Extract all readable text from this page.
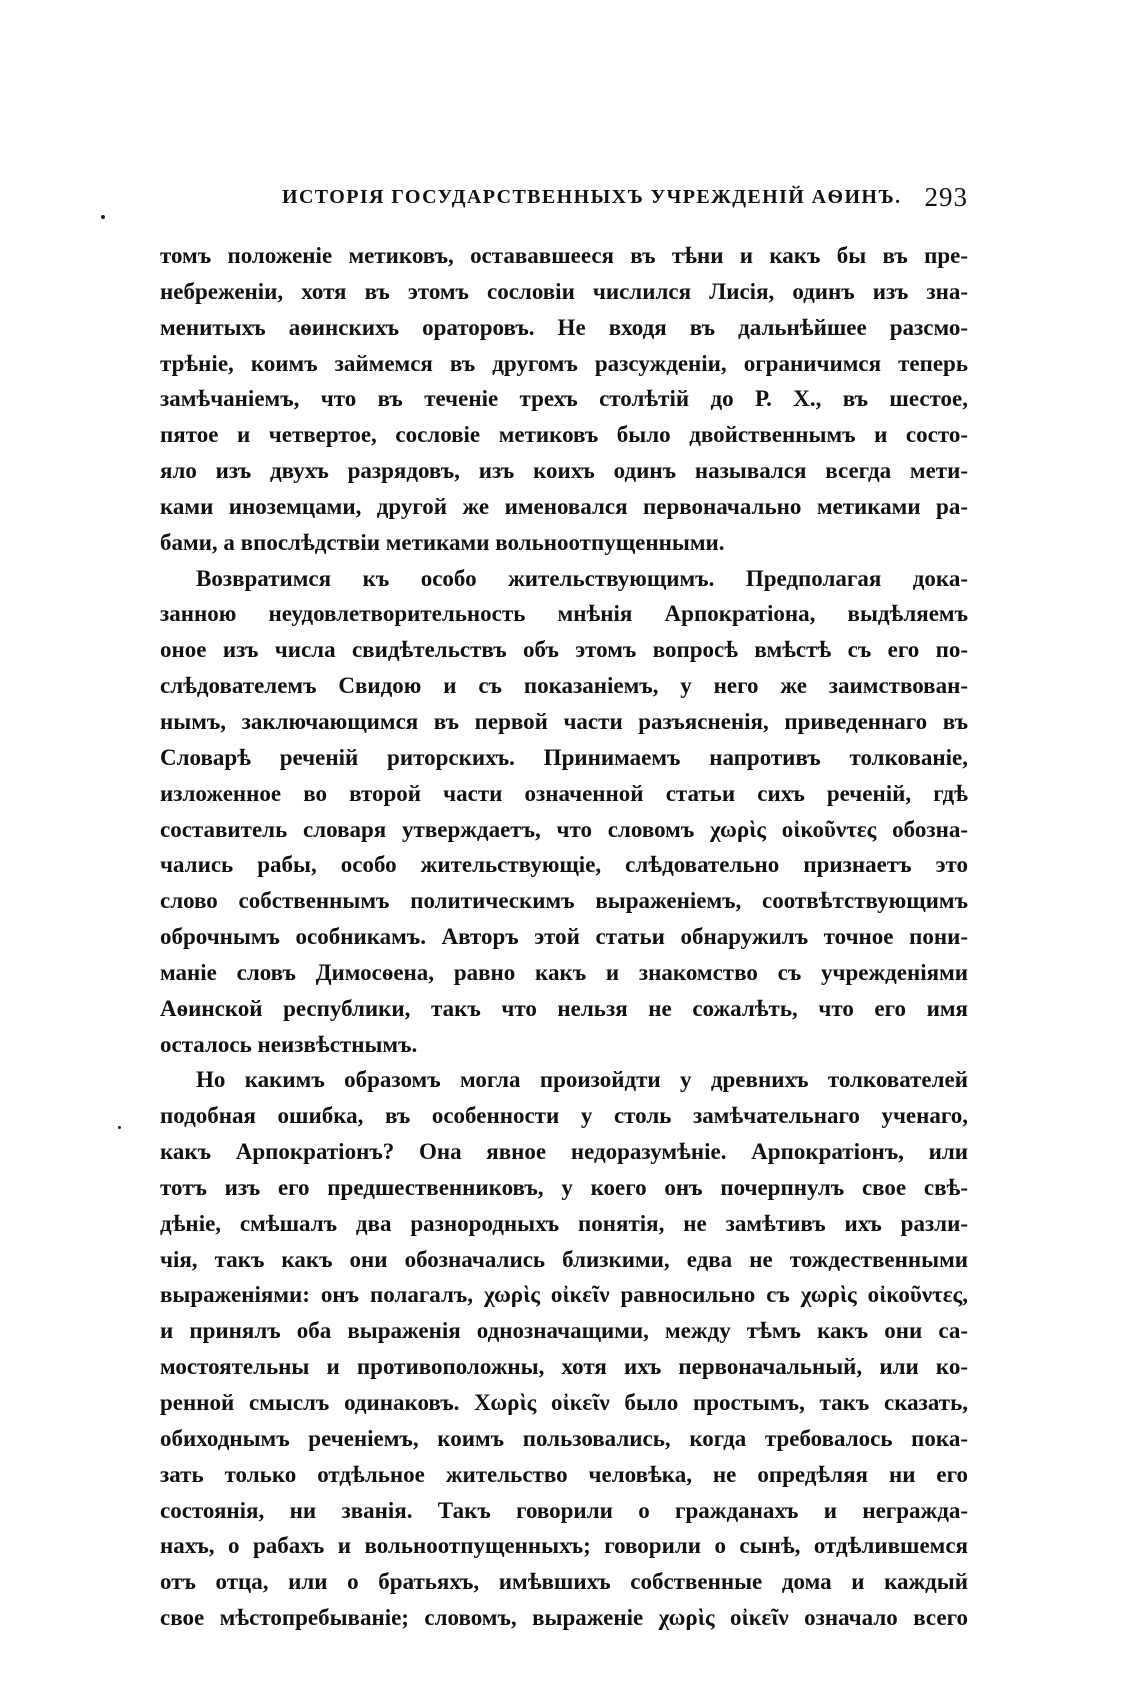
ИСТОРІЯ ГОСУДАРСТВЕННЫХЪ УЧРЕЖДЕНІЙ АѲИНЪ. 293

томъ положеніе метиковъ, остававшееся въ тѣни и какъ бы въ пре-
небреженіи, хотя въ этомъ сословіи числился Лисія, одинъ изъ зна-
менитыхъ аѳинскихъ ораторовъ. Не входя въ дальнѣйшее разсмо-
трѣніе, коимъ займемся въ другомъ разсужденіи, ограничимся теперь
замѣчаніемъ, что въ теченіе трехъ столѣтій до Р. Х., въ шестое,
пятое и четвертое, сословіе метиковъ было двойственнымъ и состо-
яло изъ двухъ разрядовъ, изъ коихъ одинъ назывался всегда мети-
ками иноземцами, другой же именовался первоначально метиками ра-
бами, а впослѣдствіи метиками вольноотпущенными.

Возвратимся къ особо жительствующимъ. Предполагая дока-
занною неудовлетворительность мнѣнія Арпократіона, выдѣляемъ
оное изъ числа свидѣтельствъ объ этомъ вопросѣ вмѣстѣ съ его по-
слѣдователемъ Свидою и съ показаніемъ, у него же заимствован-
нымъ, заключающимся въ первой части разъясненія, приведеннаго въ
Словарѣ реченій риторскихъ. Принимаемъ напротивъ толкованіе,
изложенное во второй части означенной статьи сихъ реченій, гдѣ
составитель словаря утверждаетъ, что словомъ χωρὶς οἰκοῦντες обозна-
чались рабы, особо жительствующіе, слѣдовательно признаетъ это
слово собственнымъ политическимъ выраженіемъ, соотвѣтствующимъ
оброчнымъ особникамъ. Авторъ этой статьи обнаружилъ точное пони-
маніе словъ Димосѳена, равно какъ и знакомство съ учрежденіями
Аѳинской республики, такъ что нельзя не сожалѣть, что его имя
осталось неизвѣстнымъ.

Но какимъ образомъ могла произойдти у древнихъ толкователей
подобная ошибка, въ особенности у столь замѣчательнаго ученаго,
какъ Арпократіонъ? Она явное недоразумѣніе. Арпократіонъ, или
тотъ изъ его предшественниковъ, у коего онъ почерпнулъ свое свѣ-
дѣніе, смѣшалъ два разнородныхъ понятія, не замѣтивъ ихъ разли-
чія, такъ какъ они обозначались близкими, едва не тождественными
выраженіями: онъ полагалъ, χωρὶς οἰκεῖν равносильно съ χωρὶς οἰκοῦντες,
и принялъ оба выраженія однозначащими, между тѣмъ какъ они са-
мостоятельны и противоположны, хотя ихъ первоначальный, или ко-
ренной смыслъ одинаковъ. Χωρὶς οἰκεῖν было простымъ, такъ сказать,
обиходнымъ реченіемъ, коимъ пользовались, когда требовалось пока-
зать только отдѣльное жительство человѣка, не опредѣляя ни его
состоянія, ни званія. Такъ говорили о гражданахъ и неграждa-
нахъ, о рабахъ и вольноотпущенныхъ; говорили о сынѣ, отдѣлившемся
отъ отца, или о братьяхъ, имѣвшихъ собственные дома и каждый
свое мѣстопребываніе; словомъ, выраженіе χωρὶς οἰκεῖν означало всего
